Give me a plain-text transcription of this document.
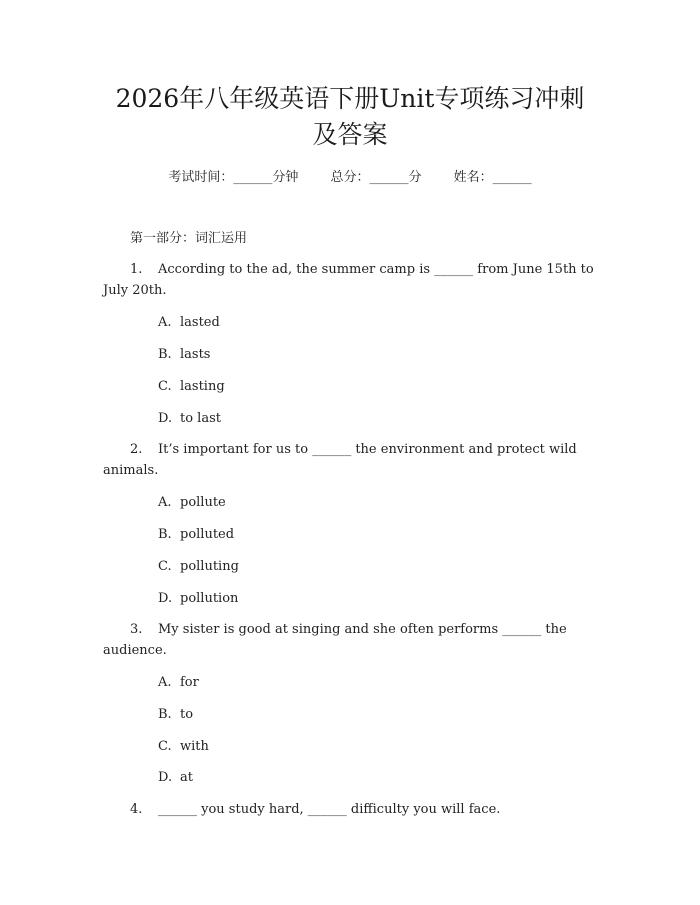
2026年八年级英语下册Unit专项练习冲刺
及答案
考试时间：______分钟 总分：______分 姓名：______
第一部分：词汇运用
1. According to the ad, the summer camp is ______ from June 15th to
July 20th.
A. lasted
B. lasts
C. lasting
D. to last
2. It’s important for us to ______ the environment and protect wild
animals.
A. pollute
B. polluted
C. polluting
D. pollution
3. My sister is good at singing and she often performs ______ the
audience.
A. for
B. to
C. with
D. at
4. ______ you study hard, ______ difficulty you will face.
